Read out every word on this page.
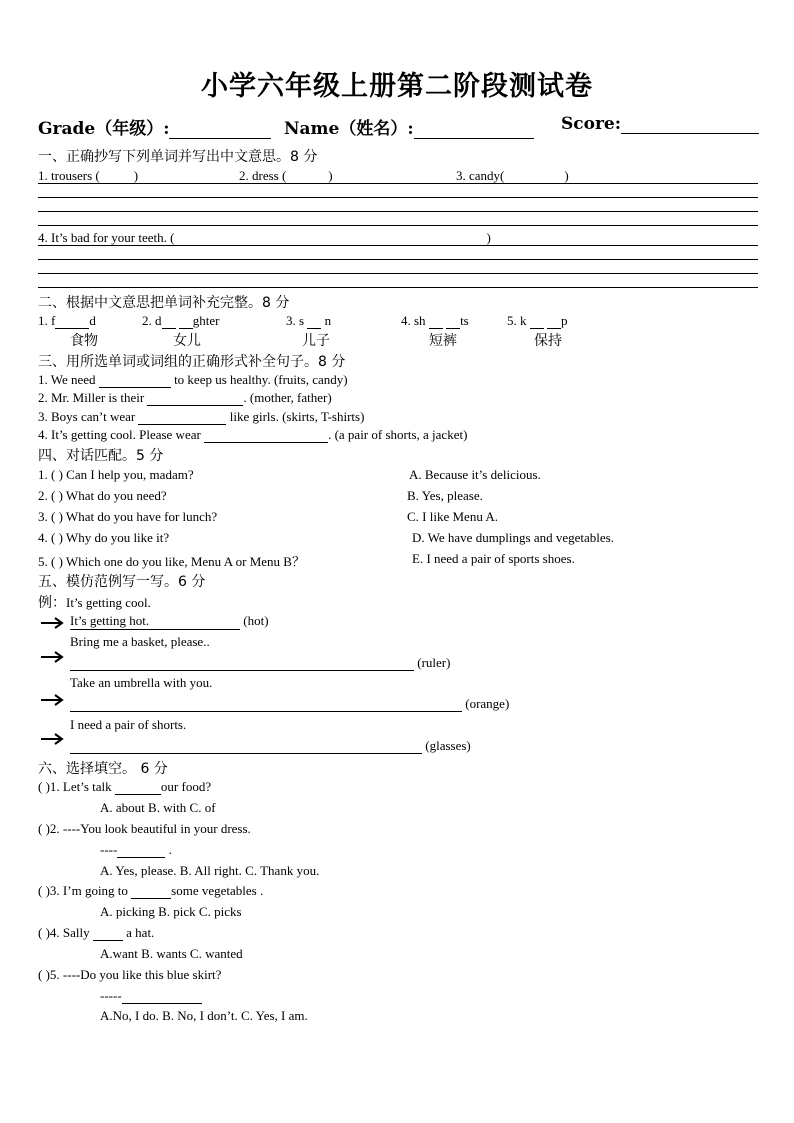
小学六年级上册第二阶段测试卷
Grade（年级）:	Name（姓名）:	Score:
一、正确抄写下列单词并写出中文意思。8 分
1. trousers (	)	2. dress (	)	3. candy(	)
4. It’s bad for your teeth. (	)
二、根据中文意思把单词补充完整。8 分
1. f	d	2. d ghter	3. s n	4. sh	ts	5. k	p
食物	女儿	儿子	短裤	保持
三、用所选单词或词组的正确形式补全句子。8 分
1. We need	to keep us healthy. (fruits, candy)
2. Mr. Miller is their	. (mother, father)
3. Boys can’t wear	like girls. (skirts, T-shirts)
4. It’s getting cool. Please wear	. (a pair of shorts, a jacket)
四、对话匹配。5 分
1. ( ) Can I help you, madam?
2. ( ) What do you need?
3. ( ) What do you have for lunch?
4. ( ) Why do you like it?
5. ( ) Which one do you like, Menu A or Menu B？
A. Because it’s delicious.
B. Yes, please.
C. I like Menu A.
D. We have dumplings and vegetables.
E. I need a pair of sports shoes.
五、模仿范例写一写。6 分
例：It’s getting cool.
It’s getting hot.	(hot)
Bring me a basket, please..
(ruler)
Take an umbrella with you.
(orange)
I need a pair of shorts.
(glasses)
六、选择填空。 6 分
( )1. Let’s talk	our food?
A. about B. with C. of
( )2. ----You look beautiful in your dress.
----	.
A. Yes, please. B. All right. C. Thank you.
( )3. I’m going to	some vegetables .
A. picking B. pick C. picks
( )4. Sally	a hat.
A.want B. wants C. wanted
( )5. ----Do you like this blue skirt?
-----
A.No, I do. B. No, I don’t. C. Yes, I am.
